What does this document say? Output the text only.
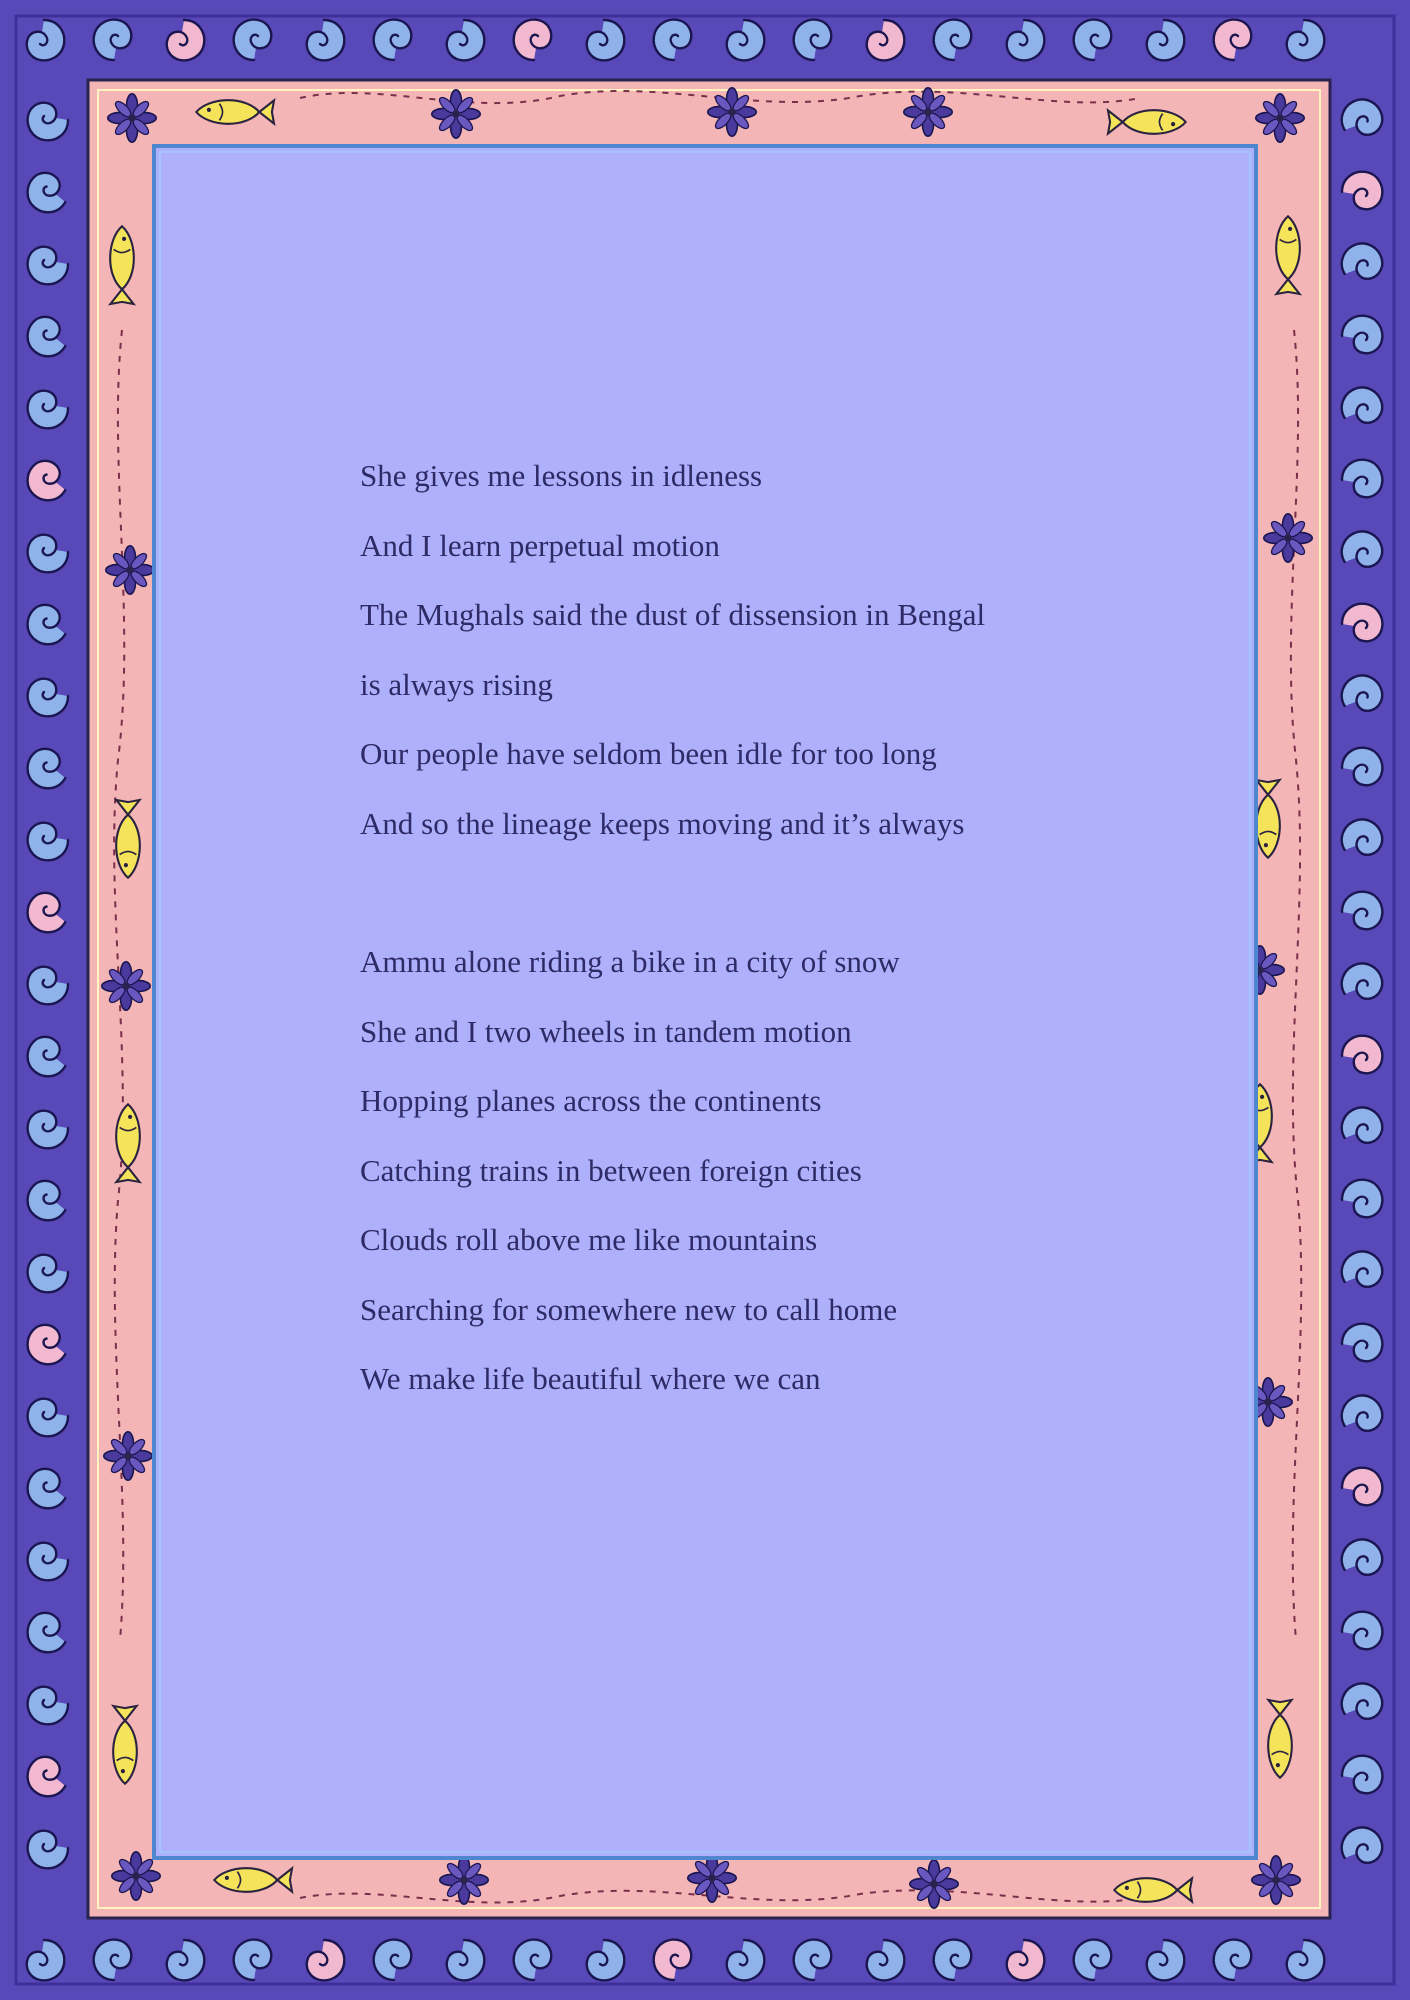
She gives me lessons in idleness
And I learn perpetual motion
The Mughals said the dust of dissension in Bengal
is always rising
Our people have seldom been idle for too long
And so the lineage keeps moving and it’s always
Ammu alone riding a bike in a city of snow
She and I two wheels in tandem motion
Hopping planes across the continents
Catching trains in between foreign cities
Clouds roll above me like mountains
Searching for somewhere new to call home
We make life beautiful where we can
